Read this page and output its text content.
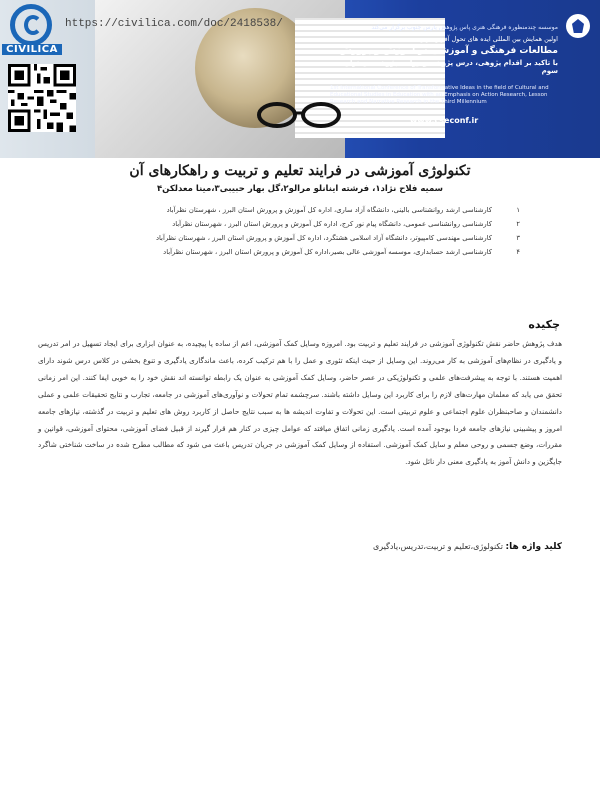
CIVILICA
https://civilica.com/doc/2418538/	موسسه چندمنظوره فرهنگی هنری پاس پژوهش پارس جنوب برگزار می‌کند
اولین همایش بین المللی ایده های تحول آفرین در زمینه
مطالعات فرهنگی و آموزشی در آموزش و پرورش
با تاکید بر اقدام پژوهی، درس پژوهی و روایت پژوهی در هزاره سوم
1st International Conference of Transformative Ideas in the field of Cultural and Educational Studies in Education with an Emphasis on Action Research, Lesson Research and Narrative Research in the Third Millennium
www.cseconf.ir
تکنولوژی آموزشی در فرایند تعلیم و تربیت و راهکارهای آن
سمیه فلاح نژاد۱، فرشته اینانلو مرالو۲،گل بهار حبیبی۳،مینا معدلکن۴
۱
کارشناسی ارشد روانشناسی بالینی، دانشگاه آزاد ساری، اداره کل آموزش و پرورش استان البرز ، شهرستان نظرآباد
۲
کارشناسی روانشناسی عمومی، دانشگاه پیام نور کرج، اداره کل آموزش و پرورش استان البرز ، شهرستان نظرآباد
۳
کارشناسی مهندسی کامپیوتر، دانشگاه آزاد اسلامی هشتگرد، اداره کل آموزش و پرورش استان البرز ، شهرستان نظرآباد
۴
کارشناسی ارشد حسابداری، موسسه آموزشی عالی بصیر،اداره کل آموزش و پرورش استان البرز ، شهرستان نظرآباد
چکیده
هدف پژوهش حاضر نقش تکنولوژی آموزشی در فرایند تعلیم و تربیت بود. امروزه وسایل کمک آموزشی، اعم از ساده یا پیچیده، به عنوان ابزاری برای ایجاد تسهیل در امر تدریس و یادگیری در نظام‌های آموزشی به کار می‌روند. این وسایل از حیث اینکه تئوری و عمل را با هم ترکیب کرده، باعث ماندگاری یادگیری و تنوع بخشی در کلاس درس شوند دارای اهمیت هستند. با توجه به پیشرفت‌های علمی و تکنولوژیکی در عصر حاضر، وسایل کمک آموزشی به عنوان یک رابطه توانسته اند نقش خود را به خوبی ایفا کنند. این امر زمانی تحقق می یابد که معلمان مهارت‌های لازم را برای کاربرد این وسایل داشته باشند. سرچشمه تمام تحولات و نوآوری‌های آموزشی در جامعه، تجارب و نتایج تحقیقات علمی و عملی دانشمندان و صاحبنظران علوم اجتماعی و علوم تربیتی است. این تحولات و تفاوت اندیشه ها به سبب نتایج حاصل از کاربرد روش های تعلیم و تربیت در گذشته، نیازهای جامعه امروز و پیشبینی نیازهای جامعه فردا بوجود آمده است. یادگیری زمانی اتفاق میافتد که عوامل چیزی در کنار هم قرار گیرند از قبیل فضای آموزشی، محتوای آموزشی، قوانین و مقررات، وضع جسمی و روحی معلم و سایل کمک آموزشی. استفاده از وسایل کمک آموزشی در جریان تدریس باعث می شود که مطالب مطرح شده در ساخت شناختی شاگرد جایگزین و دانش آموز به یادگیری معنی دار نائل شود.
کلید واژه ها: تکنولوژی،تعلیم و تربیت،تدریس،یادگیری
